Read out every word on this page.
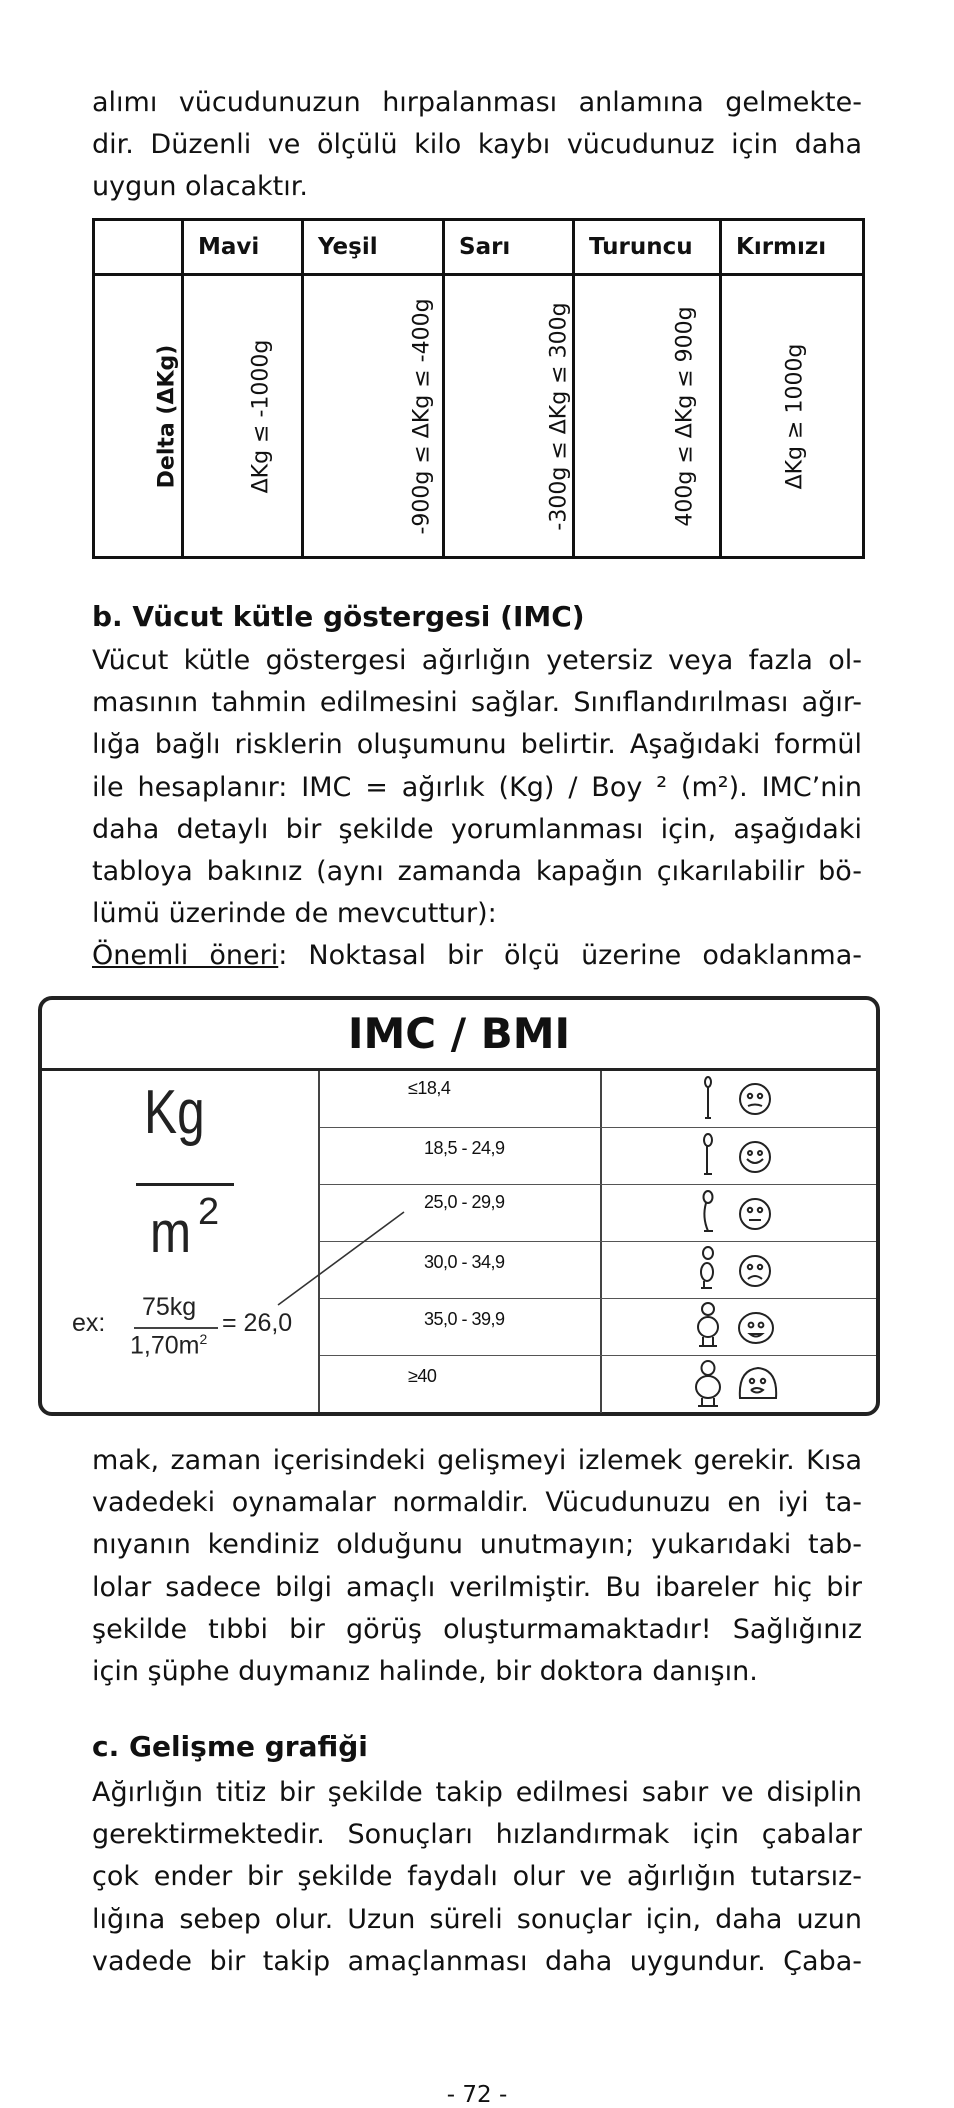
alımı vücudunuzun hırpalanması anlamına gelmekte-
dir. Düzenli ve ölçülü kilo kaybı vücudunuz için daha
uygun olacaktır.

	Mavi	Yeşil	Sarı	Turuncu	Kırmızı
Delta (ΔKg)	ΔKg ≤ -1000g	-900g ≤ ΔKg ≤ -400g	-300g ≤ ΔKg ≤ 300g	400g ≤ ΔKg ≤ 900g	ΔKg ≥ 1000g
b. Vücut kütle göstergesi (IMC)

Vücut kütle göstergesi ağırlığın yetersiz veya fazla ol-
masının tahmin edilmesini sağlar. Sınıflandırılması ağır-
lığa bağlı risklerin oluşumunu belirtir. Aşağıdaki formül
ile hesaplanır: IMC = ağırlık (Kg) / Boy ² (m²). IMC’nin
daha detaylı bir şekilde yorumlanması için, aşağıdaki
tabloya bakınız (aynı zamanda kapağın çıkarılabilir bö-
lümü üzerinde de mevcuttur):
Önemli öneri: Noktasal bir ölçü üzerine odaklanma-

IMC / BMI
Kg
m 2
ex:
75kg
$1,70m^2$
= 26,0
≤18,4
18,5 - 24,9
25,0 - 29,9
30,0 - 34,9
35,0 - 39,9
≥40

mak, zaman içerisindeki gelişmeyi izlemek gerekir. Kısa
vadedeki oynamalar normaldir. Vücudunuzu en iyi ta-
nıyanın kendiniz olduğunu unutmayın; yukarıdaki tab-
lolar sadece bilgi amaçlı verilmiştir. Bu ibareler hiç bir
şekilde tıbbi bir görüş oluşturmamaktadır! Sağlığınız
için şüphe duymanız halinde, bir doktora danışın.

c. Gelişme grafiği

Ağırlığın titiz bir şekilde takip edilmesi sabır ve disiplin
gerektirmektedir. Sonuçları hızlandırmak için çabalar
çok ender bir şekilde faydalı olur ve ağırlığın tutarsız-
lığına sebep olur. Uzun süreli sonuçlar için, daha uzun
vadede bir takip amaçlanması daha uygundur. Çaba-

- 72 -
